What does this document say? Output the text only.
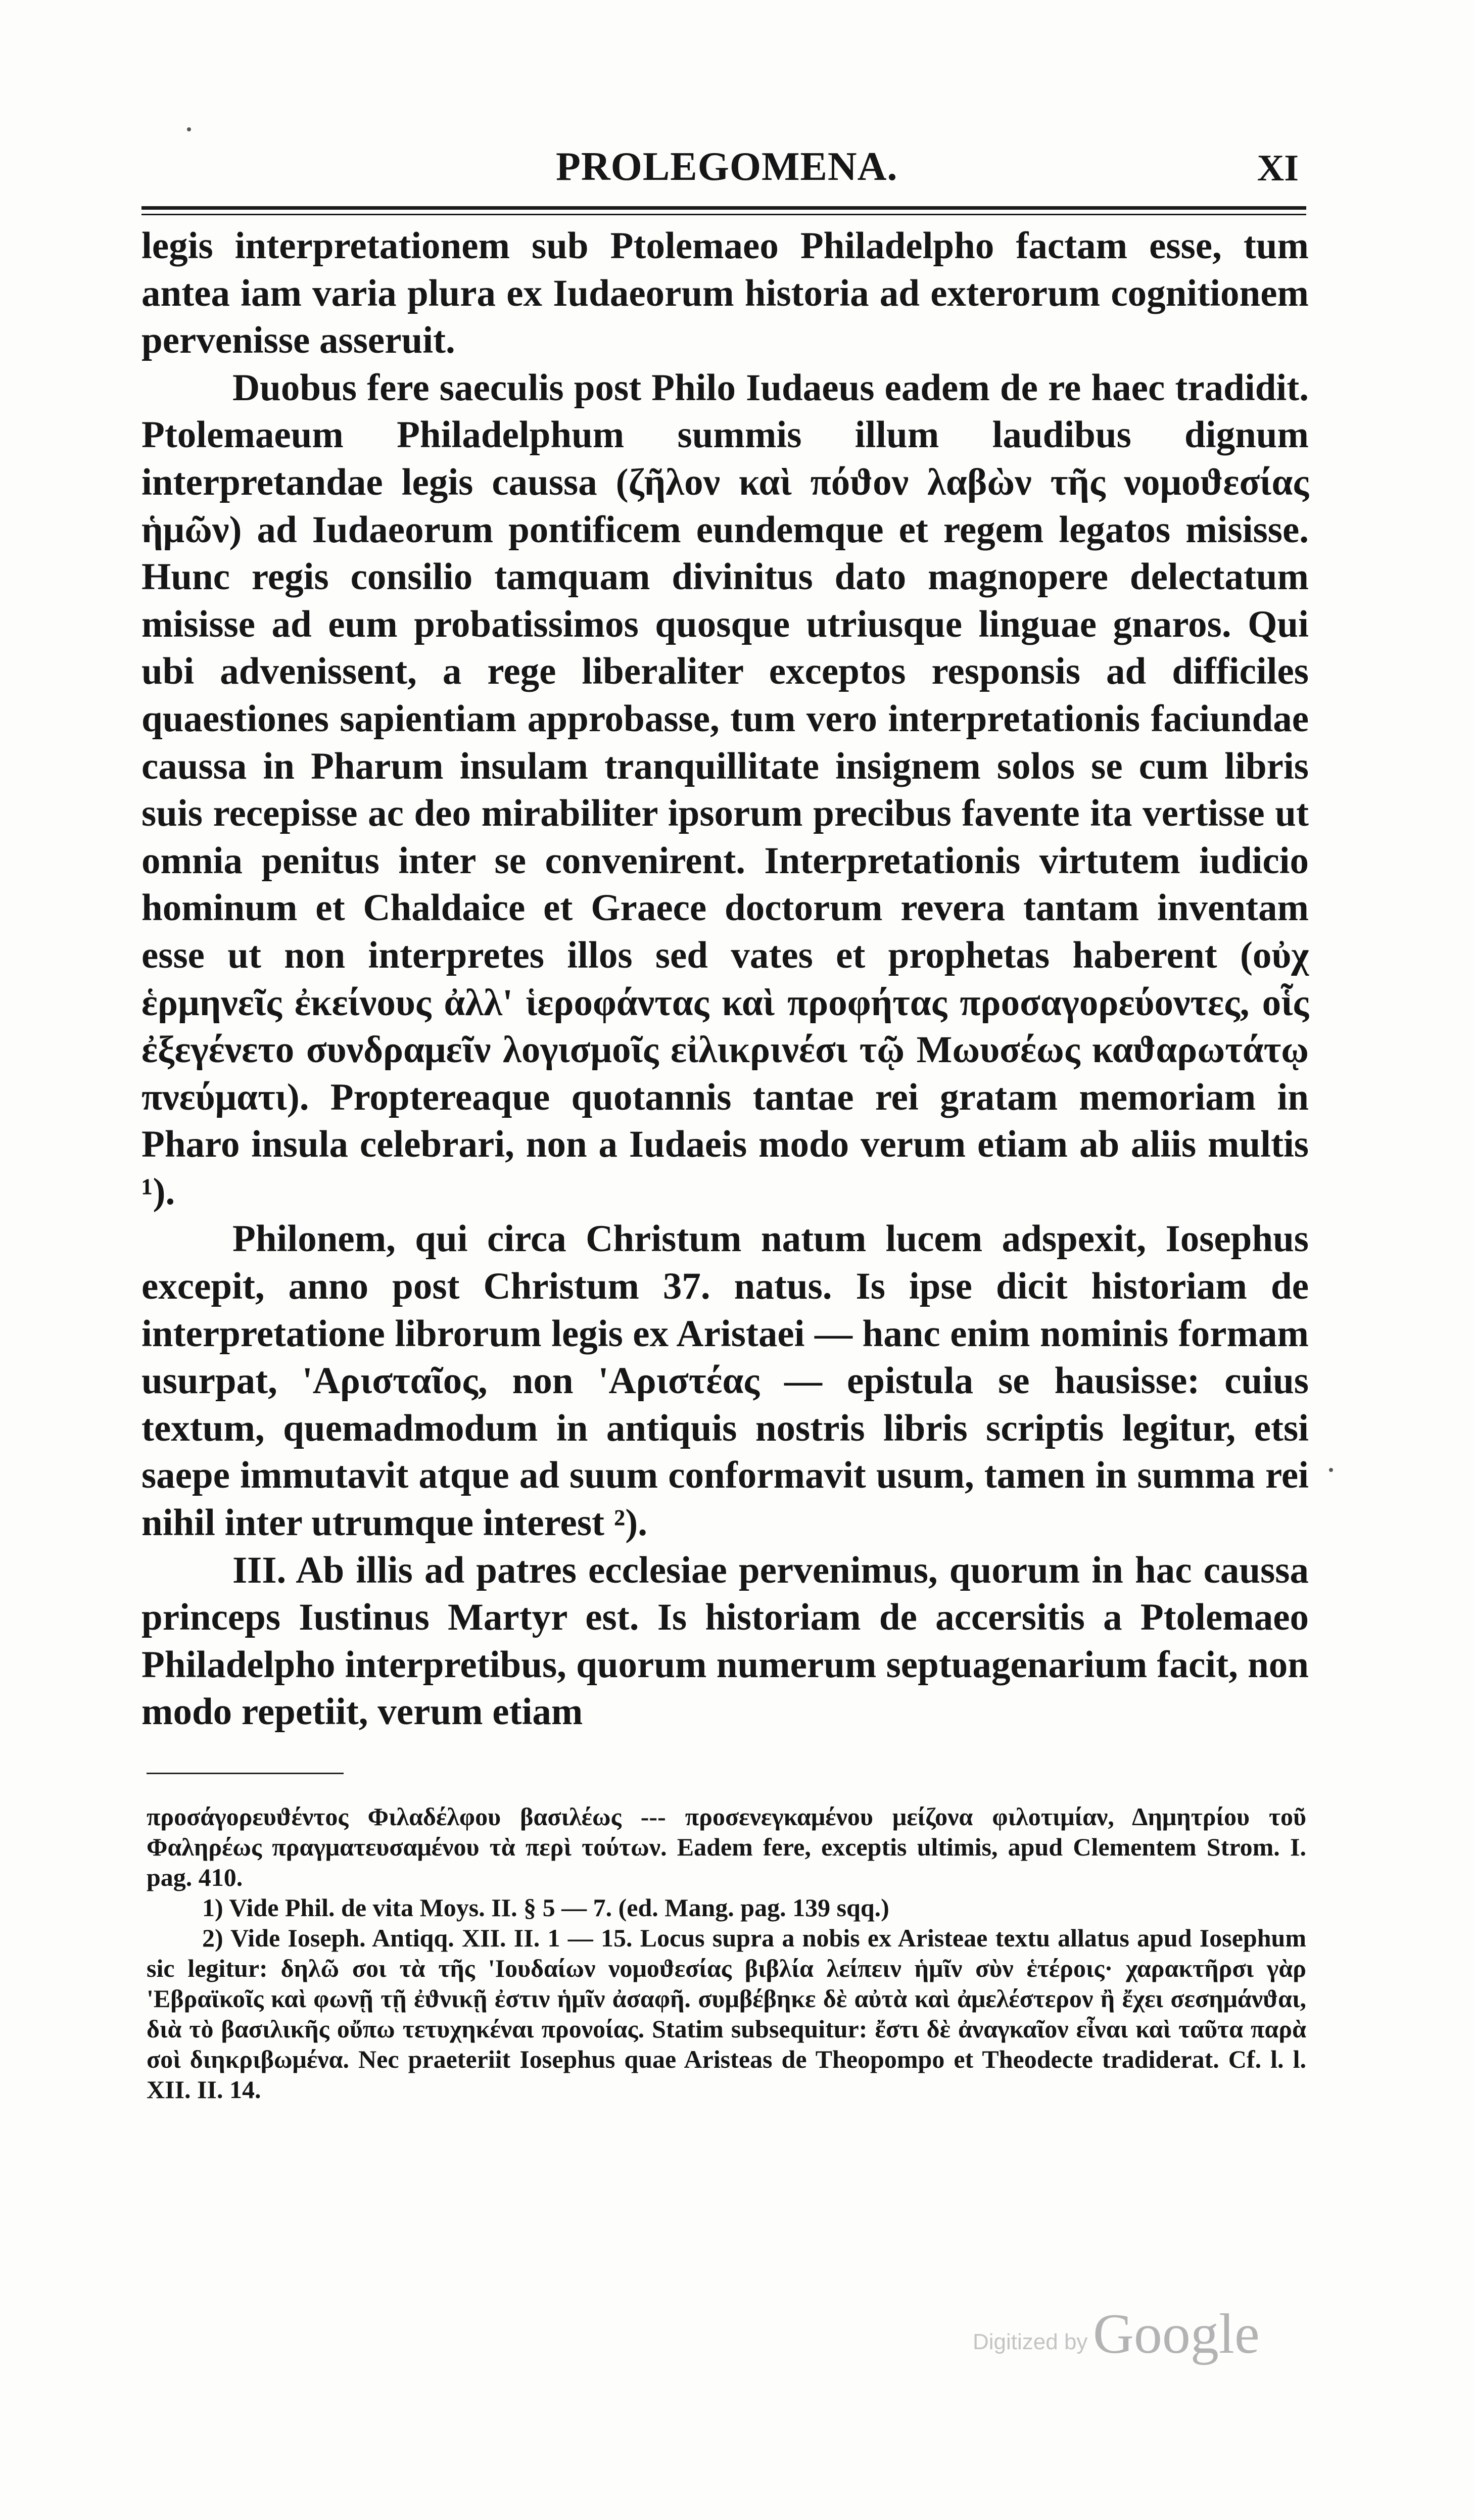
PROLEGOMENA.	XI

legis interpretationem sub Ptolemaeo Philadelpho factam esse, tum antea iam varia plura ex Iudaeorum historia ad exterorum cognitionem pervenisse asseruit.

Duobus fere saeculis post Philo Iudaeus eadem de re haec tradidit. Ptolemaeum Philadelphum summis illum laudibus dignum interpretandae legis caussa (ζῆλον καὶ πόϑον λαβὼν τῆς νομοϑεσίας ἡμῶν) ad Iudaeorum pontificem eundemque et regem legatos misisse. Hunc regis consilio tamquam divinitus dato magnopere delectatum misisse ad eum probatissimos quosque utriusque linguae gnaros. Qui ubi advenissent, a rege liberaliter exceptos responsis ad difficiles quaestiones sapientiam approbasse, tum vero interpretationis faciundae caussa in Pharum insulam tranquillitate insignem solos se cum libris suis recepisse ac deo mirabiliter ipsorum precibus favente ita vertisse ut omnia penitus inter se convenirent. Interpretationis virtutem iudicio hominum et Chaldaice et Graece doctorum revera tantam inventam esse ut non interpretes illos sed vates et prophetas haberent (οὐχ ἑρμηνεῖς ἐκείνους ἀλλ' ἱεροφάντας καὶ προφήτας προσαγορεύοντες, οἷς ἐξεγένετο συνδραμεῖν λογισμοῖς εἰλικρινέσι τῷ Μωυσέως καϑαρωτάτῳ πνεύματι). Proptereaque quotannis tantae rei gratam memoriam in Pharo insula celebrari, non a Iudaeis modo verum etiam ab aliis multis ¹).

Philonem, qui circa Christum natum lucem adspexit, Iosephus excepit, anno post Christum 37. natus. Is ipse dicit historiam de interpretatione librorum legis ex Aristaei — hanc enim nominis formam usurpat, 'Αρισταῖος, non 'Αριστέας — epistula se hausisse: cuius textum, quemadmodum in antiquis nostris libris scriptis legitur, etsi saepe immutavit atque ad suum conformavit usum, tamen in summa rei nihil inter utrumque interest ²).

III. Ab illis ad patres ecclesiae pervenimus, quorum in hac caussa princeps Iustinus Martyr est. Is historiam de accersitis a Ptolemaeo Philadelpho interpretibus, quorum numerum septuagenarium facit, non modo repetiit, verum etiam

προσάγορευϑέντος Φιλαδέλφου βασιλέως --- προσενεγκαμένου μείζονα φιλοτιμίαν, Δημητρίου τοῦ Φαληρέως πραγματευσαμένου τὰ περὶ τούτων. Eadem fere, exceptis ultimis, apud Clementem Strom. I. pag. 410.

1) Vide Phil. de vita Moys. II. § 5 — 7. (ed. Mang. pag. 139 sqq.)

2) Vide Ioseph. Antiqq. XII. II. 1 — 15. Locus supra a nobis ex Aristeae textu allatus apud Iosephum sic legitur: δηλῶ σοι τὰ τῆς 'Ιουδαίων νομοϑεσίας βιβλία λείπειν ἡμῖν σὺν ἑτέροις· χαρακτῆρσι γὰρ 'Εβραϊκοῖς καὶ φωνῇ τῇ ἐϑνικῇ ἐστιν ἡμῖν ἀσαφῆ. συμβέβηκε δὲ αὐτὰ καὶ ἀμελέστερον ἢ ἔχει σεσημάνϑαι, διὰ τὸ βασιλικῆς οὔπω τετυχηκέναι προνοίας. Statim subsequitur: ἔστι δὲ ἀναγκαῖον εἶναι καὶ ταῦτα παρὰ σοὶ διηκριβωμένα. Nec praeteriit Iosephus quae Aristeas de Theopompo et Theodecte tradiderat. Cf. l. l. XII. II. 14.

Digitized by Google
